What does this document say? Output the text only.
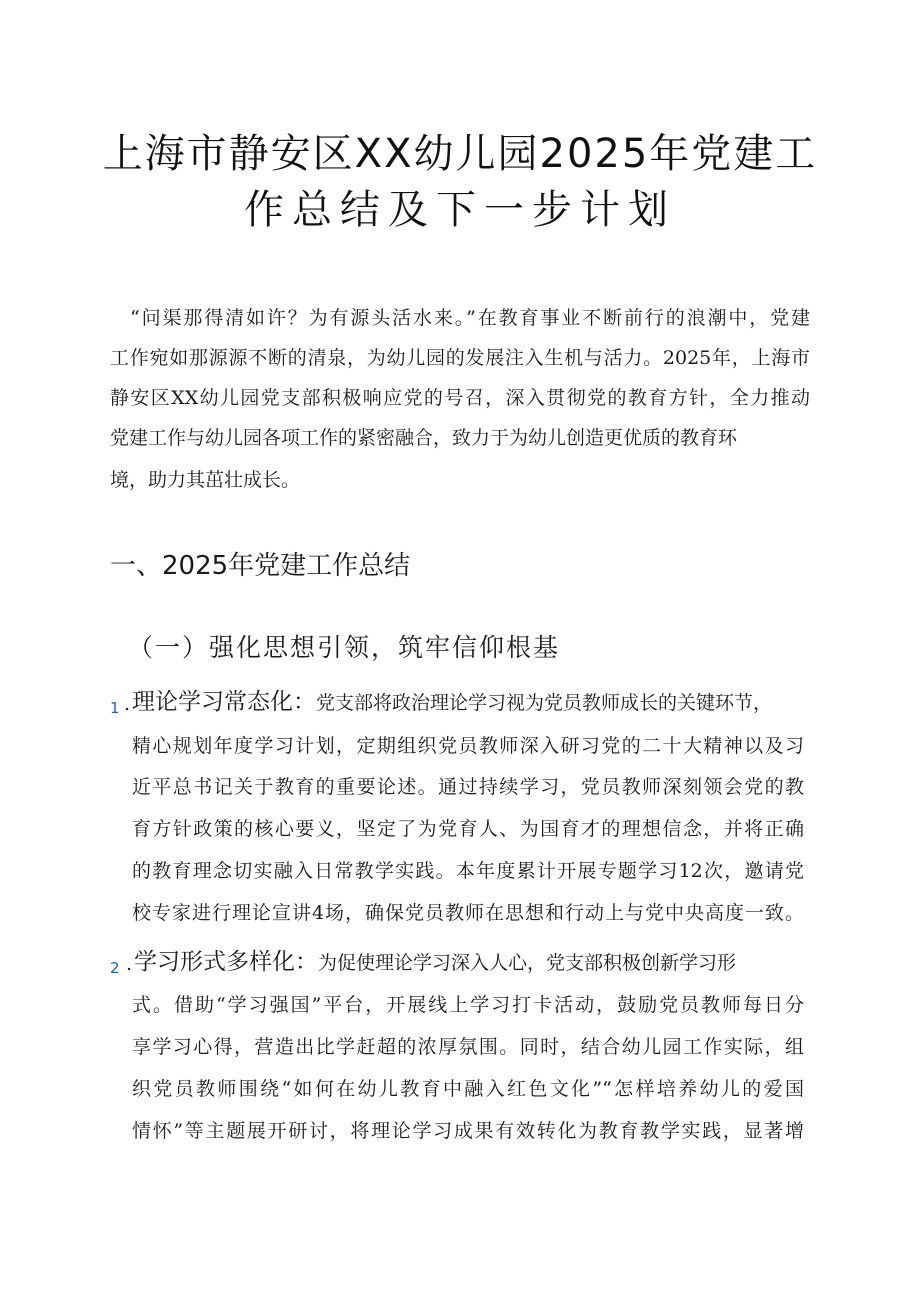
上海市静安区XX幼儿园2025年党建工
作总结及下一步计划
“问渠那得清如许？为有源头活水来。”在教育事业不断前行的浪潮中，党建
工作宛如那源源不断的清泉，为幼儿园的发展注入生机与活力。2025年，上海市
静安区XX幼儿园党支部积极响应党的号召，深入贯彻党的教育方针，全力推动
党建工作与幼儿园各项工作的紧密融合，致力于为幼儿创造更优质的教育环
境，助力其茁壮成长。
一、2025年党建工作总结
（一）强化思想引领，筑牢信仰根基
1 . 理论学习常态化：党支部将政治理论学习视为党员教师成长的关键环节，
精心规划年度学习计划，定期组织党员教师深入研习党的二十大精神以及习
近平总书记关于教育的重要论述。通过持续学习，党员教师深刻领会党的教
育方针政策的核心要义，坚定了为党育人、为国育才的理想信念，并将正确
的教育理念切实融入日常教学实践。本年度累计开展专题学习12次，邀请党
校专家进行理论宣讲4场，确保党员教师在思想和行动上与党中央高度一致。
2 . 学习形式多样化：为促使理论学习深入人心，党支部积极创新学习形
式。借助“学习强国”平台，开展线上学习打卡活动，鼓励党员教师每日分
享学习心得，营造出比学赶超的浓厚氛围。同时，结合幼儿园工作实际，组
织党员教师围绕“如何在幼儿教育中融入红色文化”“怎样培养幼儿的爱国
情怀”等主题展开研讨，将理论学习成果有效转化为教育教学实践，显著增
